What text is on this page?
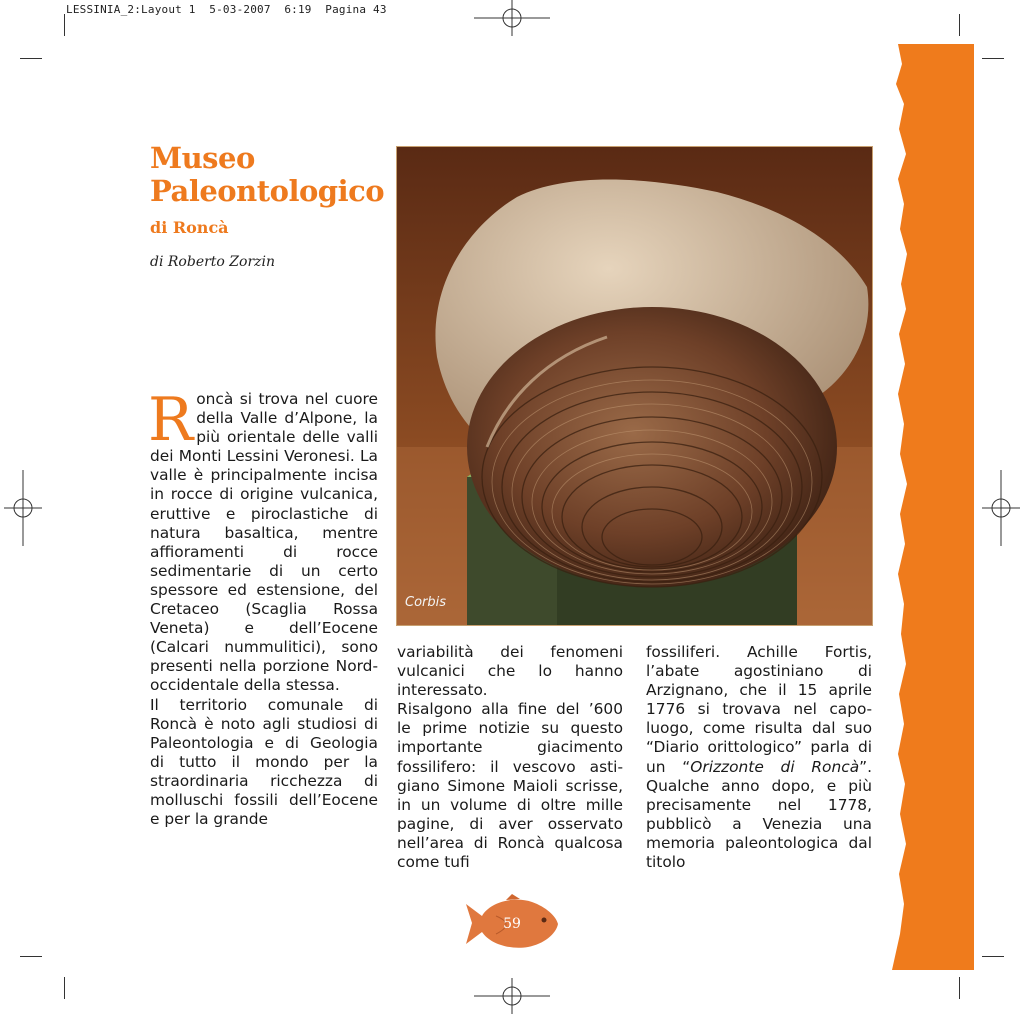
LESSINIA_2:Layout 1  5-03-2007  6:19  Pagina 43
Museo
Paleontologico
di Roncà
di Roberto Zorzin
Corbis

Roncà si trova nel cuore della Valle d’Alpone, la più orientale delle valli dei Monti Lessini Veronesi. La valle è principalmente incisa in rocce di origine vulcanica, eruttive e piroclastiche di natura basaltica, mentre affioramenti di rocce sedimentarie di un certo spessore ed estensione, del Cretaceo (Scaglia Rossa Veneta) e dell’Eocene (Calcari nummulitici), sono presenti nella porzione Nord-occidentale della stessa.

Il territorio comunale di Roncà è noto agli studiosi di Paleontologia e di Geologia di tutto il mondo per la straordinaria ricchezza di molluschi fossili dell’Eocene e per la grande

variabilità dei fenomeni vulcanici che lo hanno interessato.

Risalgono alla fine del ’600 le prime notizie su questo importante giacimento fossilifero: il vescovo astigiano Simone Maioli scrisse, in un volume di oltre mille pagine, di aver osservato nell’area di Roncà qualcosa come tufi

fossiliferi. Achille Fortis, l’abate agostiniano di Arzignano, che il 15 aprile 1776 si trovava nel capoluogo, come risulta dal suo “Diario orittologico” parla di un “Orizzonte di Roncà”. Qualche anno dopo, e più precisamente nel 1778, pubblicò a Venezia una memoria paleontologica dal titolo

59
